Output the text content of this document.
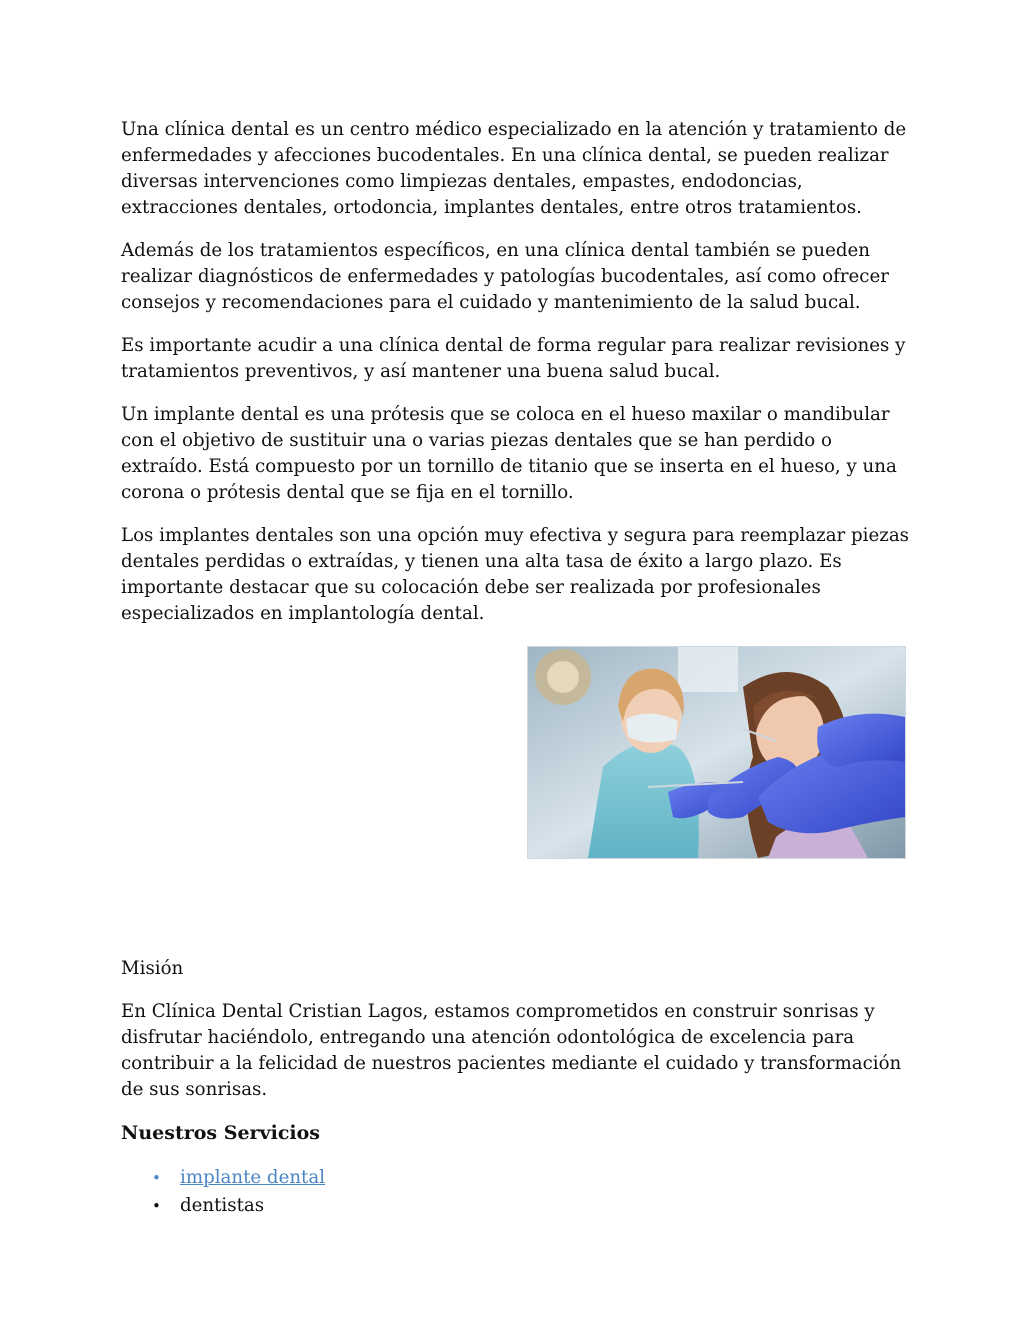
Una clínica dental es un centro médico especializado en la atención y tratamiento de enfermedades y afecciones bucodentales. En una clínica dental, se pueden realizar diversas intervenciones como limpiezas dentales, empastes, endodoncias, extracciones dentales, ortodoncia, implantes dentales, entre otros tratamientos.

Además de los tratamientos específicos, en una clínica dental también se pueden realizar diagnósticos de enfermedades y patologías bucodentales, así como ofrecer consejos y recomendaciones para el cuidado y mantenimiento de la salud bucal.

Es importante acudir a una clínica dental de forma regular para realizar revisiones y tratamientos preventivos, y así mantener una buena salud bucal.

Un implante dental es una prótesis que se coloca en el hueso maxilar o mandibular con el objetivo de sustituir una o varias piezas dentales que se han perdido o extraído. Está compuesto por un tornillo de titanio que se inserta en el hueso, y una corona o prótesis dental que se fija en el tornillo.

Los implantes dentales son una opción muy efectiva y segura para reemplazar piezas dentales perdidas o extraídas, y tienen una alta tasa de éxito a largo plazo. Es importante destacar que su colocación debe ser realizada por profesionales especializados en implantología dental.

Misión

En Clínica Dental Cristian Lagos, estamos comprometidos en construir sonrisas y disfrutar haciéndolo, entregando una atención odontológica de excelencia para contribuir a la felicidad de nuestros pacientes mediante el cuidado y transformación de sus sonrisas.

Nuestros Servicios
• implante dental
• dentistas
